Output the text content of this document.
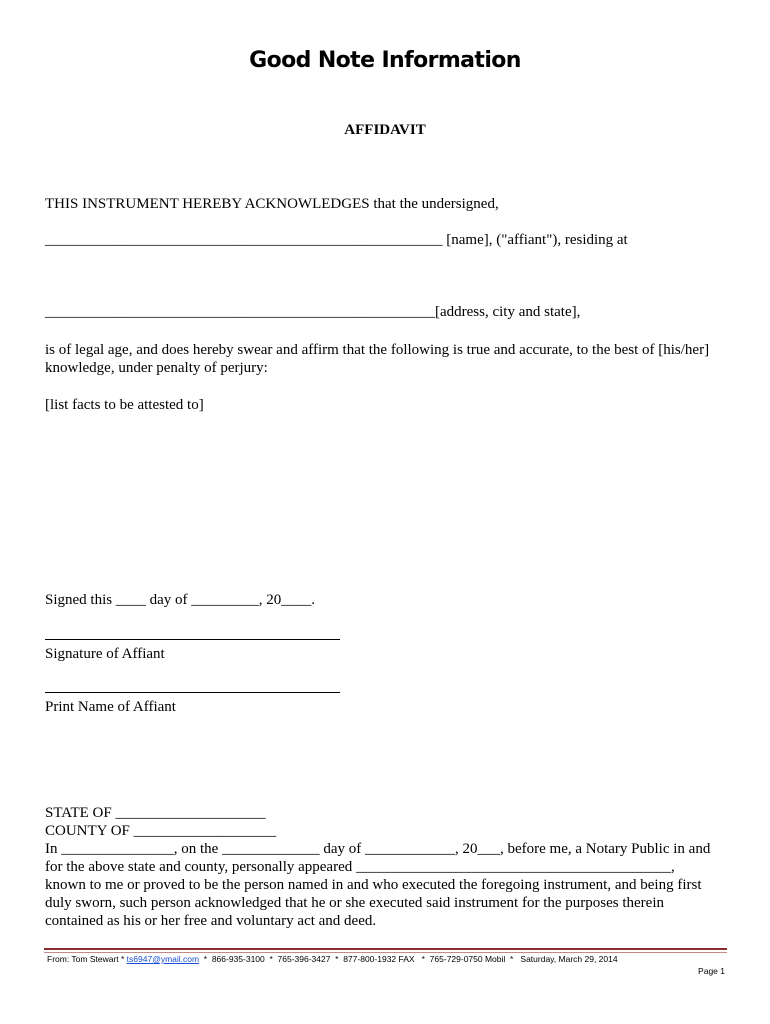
Good Note Information
AFFIDAVIT
THIS INSTRUMENT HEREBY ACKNOWLEDGES that the undersigned,
_____________________________________________________ [name], ("affiant"), residing at
____________________________________________________[address, city and state],
is of legal age, and does hereby swear and affirm that the following is true and accurate, to the best of [his/her]
knowledge, under penalty of perjury:
[list facts to be attested to]
Signed this ____ day of _________, 20____.
Signature of Affiant
Print Name of Affiant
STATE OF ____________________
COUNTY OF ___________________
In _______________, on the _____________ day of ____________, 20___, before me, a Notary Public in and
for the above state and county, personally appeared __________________________________________,
known to me or proved to be the person named in and who executed the foregoing instrument, and being first
duly sworn, such person acknowledged that he or she executed said instrument for the purposes therein
contained as his or her free and voluntary act and deed.
From: Tom Stewart * ts6947@ymail.com  *  866-935-3100  *  765-396-3427  *  877-800-1932 FAX   *  765-729-0750 Mobil  *   Saturday, March 29, 2014
Page 1
